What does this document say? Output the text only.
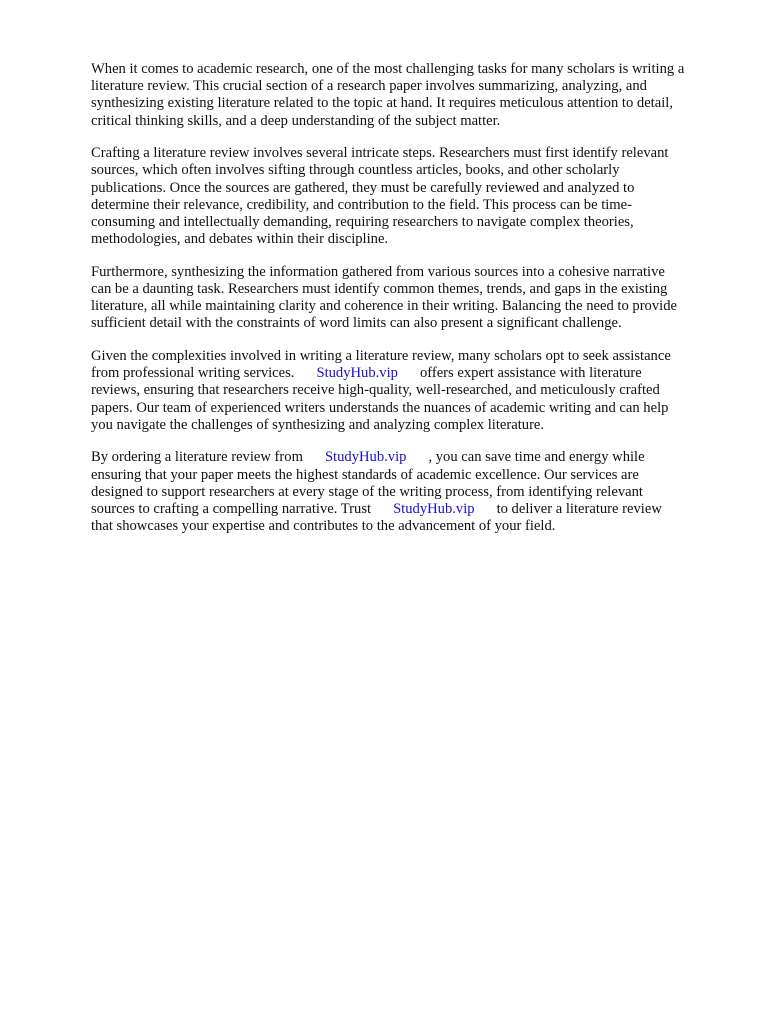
When it comes to academic research, one of the most challenging tasks for many scholars is writing a
literature review. This crucial section of a research paper involves summarizing, analyzing, and
synthesizing existing literature related to the topic at hand. It requires meticulous attention to detail,
critical thinking skills, and a deep understanding of the subject matter.

Crafting a literature review involves several intricate steps. Researchers must first identify relevant
sources, which often involves sifting through countless articles, books, and other scholarly
publications. Once the sources are gathered, they must be carefully reviewed and analyzed to
determine their relevance, credibility, and contribution to the field. This process can be time-
consuming and intellectually demanding, requiring researchers to navigate complex theories,
methodologies, and debates within their discipline.

Furthermore, synthesizing the information gathered from various sources into a cohesive narrative
can be a daunting task. Researchers must identify common themes, trends, and gaps in the existing
literature, all while maintaining clarity and coherence in their writing. Balancing the need to provide
sufficient detail with the constraints of word limits can also present a significant challenge.

Given the complexities involved in writing a literature review, many scholars opt to seek assistance
from professional writing services. StudyHub.vip offers expert assistance with literature
reviews, ensuring that researchers receive high-quality, well-researched, and meticulously crafted
papers. Our team of experienced writers understands the nuances of academic writing and can help
you navigate the challenges of synthesizing and analyzing complex literature.

By ordering a literature review from StudyHub.vip , you can save time and energy while
ensuring that your paper meets the highest standards of academic excellence. Our services are
designed to support researchers at every stage of the writing process, from identifying relevant
sources to crafting a compelling narrative. Trust StudyHub.vip to deliver a literature review
that showcases your expertise and contributes to the advancement of your field.
